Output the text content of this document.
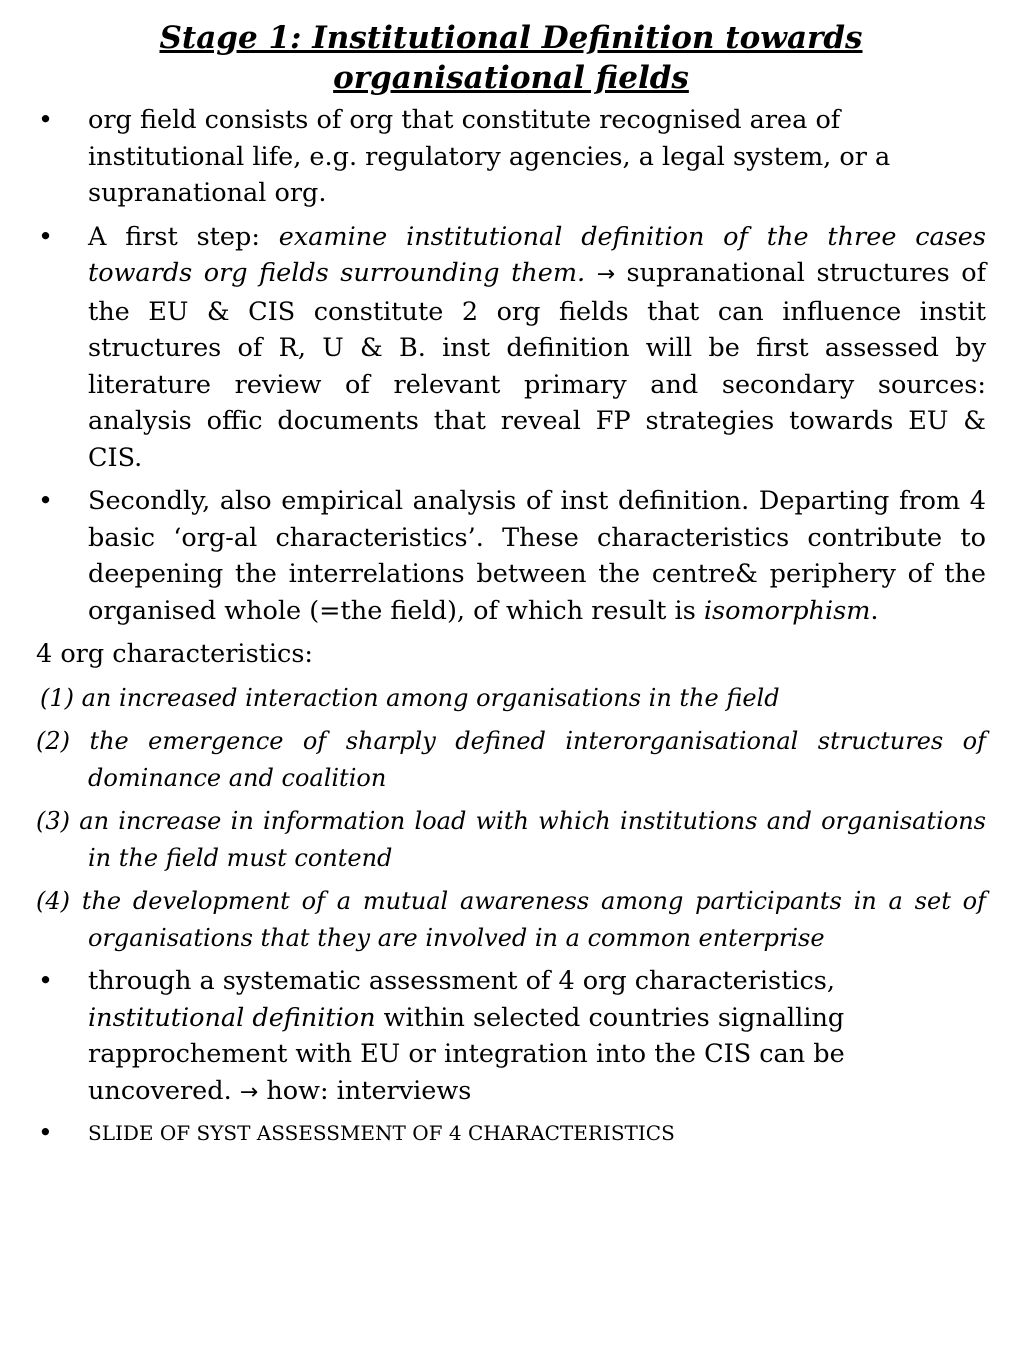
Stage 1: Institutional Definition towards organisational fields
• org field consists of org that constitute recognised area of institutional life, e.g. regulatory agencies, a legal system, or a supranational org.
• A first step: examine institutional definition of the three cases towards org fields surrounding them. → supranational structures of the EU & CIS constitute 2 org fields that can influence instit structures of R, U & B. inst definition will be first assessed by literature review of relevant primary and secondary sources: analysis offic documents that reveal FP strategies towards EU & CIS.
• Secondly, also empirical analysis of inst definition. Departing from 4 basic ‘org-al characteristics’. These characteristics contribute to deepening the interrelations between the centre& periphery of the organised whole (=the field), of which result is isomorphism.
4 org characteristics:
(1) an increased interaction among organisations in the field
(2) the emergence of sharply defined interorganisational structures of dominance and coalition
(3) an increase in information load with which institutions and organisations in the field must contend
(4) the development of a mutual awareness among participants in a set of organisations that they are involved in a common enterprise
• through a systematic assessment of 4 org characteristics, institutional definition within selected countries signalling rapprochement with EU or integration into the CIS can be uncovered. → how: interviews
• SLIDE OF SYST ASSESSMENT OF 4 CHARACTERISTICS
